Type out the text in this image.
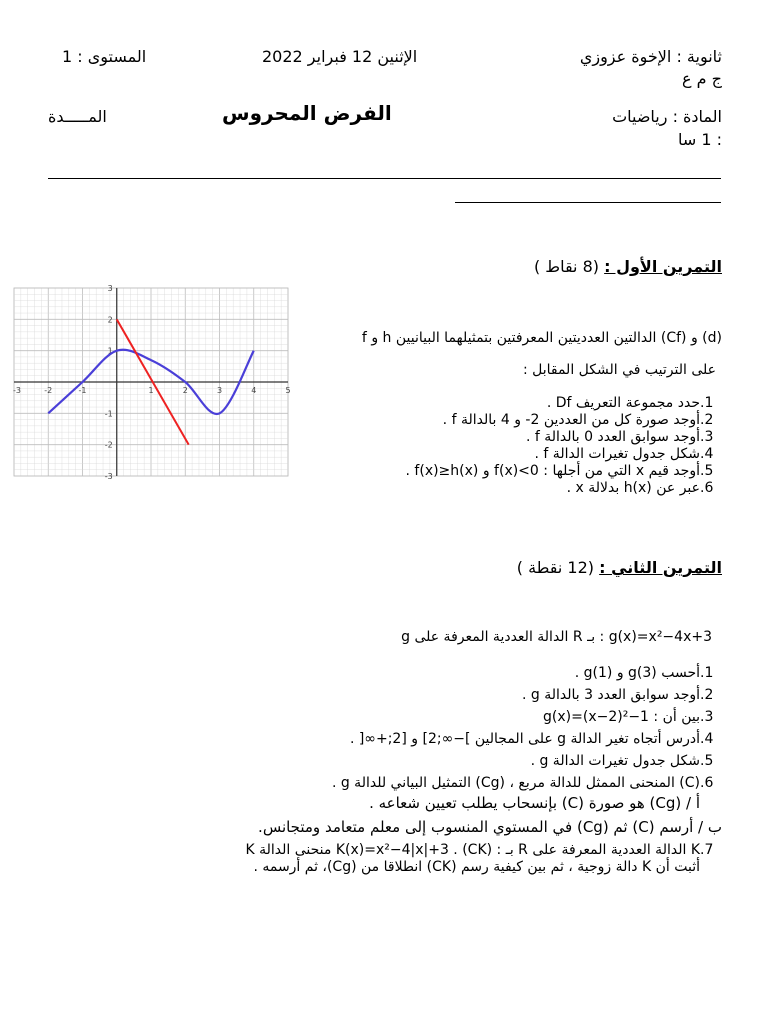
ثانوية : الإخوة عزوزي
ج م ع
الإثنين 12 فبراير 2022
المستوى : 1
المادة : رياضيات
: 1 سا
الفرض المحروس
المـــــدة
التمرين الأول : (8 نقاط )
f و h الدالتين العدديتين المعرفتين بتمثيلهما البيانيين (Cf) و (d)
على الترتيب في الشكل المقابل :
1.حدد مجموعة التعريف Df .
2.أوجد صورة كل من العددين 2- و 4 بالدالة f .
3.أوجد سوابق العدد 0 بالدالة f .
4.شكل جدول تغيرات الدالة f .
5.أوجد قيم x التي من أجلها : f(x)<0 و f(x)≥h(x) .
6.عبر عن h(x) بدلالة x .
-3	-2	-1	1	2	3	4	5
-3
-2
-1
1
2
3
التمرين الثاني : (12 نقطة )
g الدالة العددية المعرفة على R بـ : g(x)=x²−4x+3
1.أحسب g(3) و g(1) .
2.أوجد سوابق العدد 3 بالدالة g .
3.بين أن : g(x)=(x−2)²−1
4.أدرس أتجاه تغير الدالة g على المجالين ]−∞;2] و [2;+∞[ .
5.شكل جدول تغيرات الدالة g .
6.(C) المنحنى الممثل للدالة مربع ، (Cg) التمثيل البياني للدالة g .
أ / (Cg) هو صورة (C) بإنسحاب يطلب تعيين شعاعه .
ب / أرسم (C) ثم (Cg) في المستوي المنسوب إلى معلم متعامد ومتجانس.
7.K الدالة العددية المعرفة على R بـ : K(x)=x²−4|x|+3 . (CK) منحنى الدالة K
أثبت أن K دالة زوجية ، ثم بين كيفية رسم (CK) انطلاقا من (Cg)، ثم أرسمه .
